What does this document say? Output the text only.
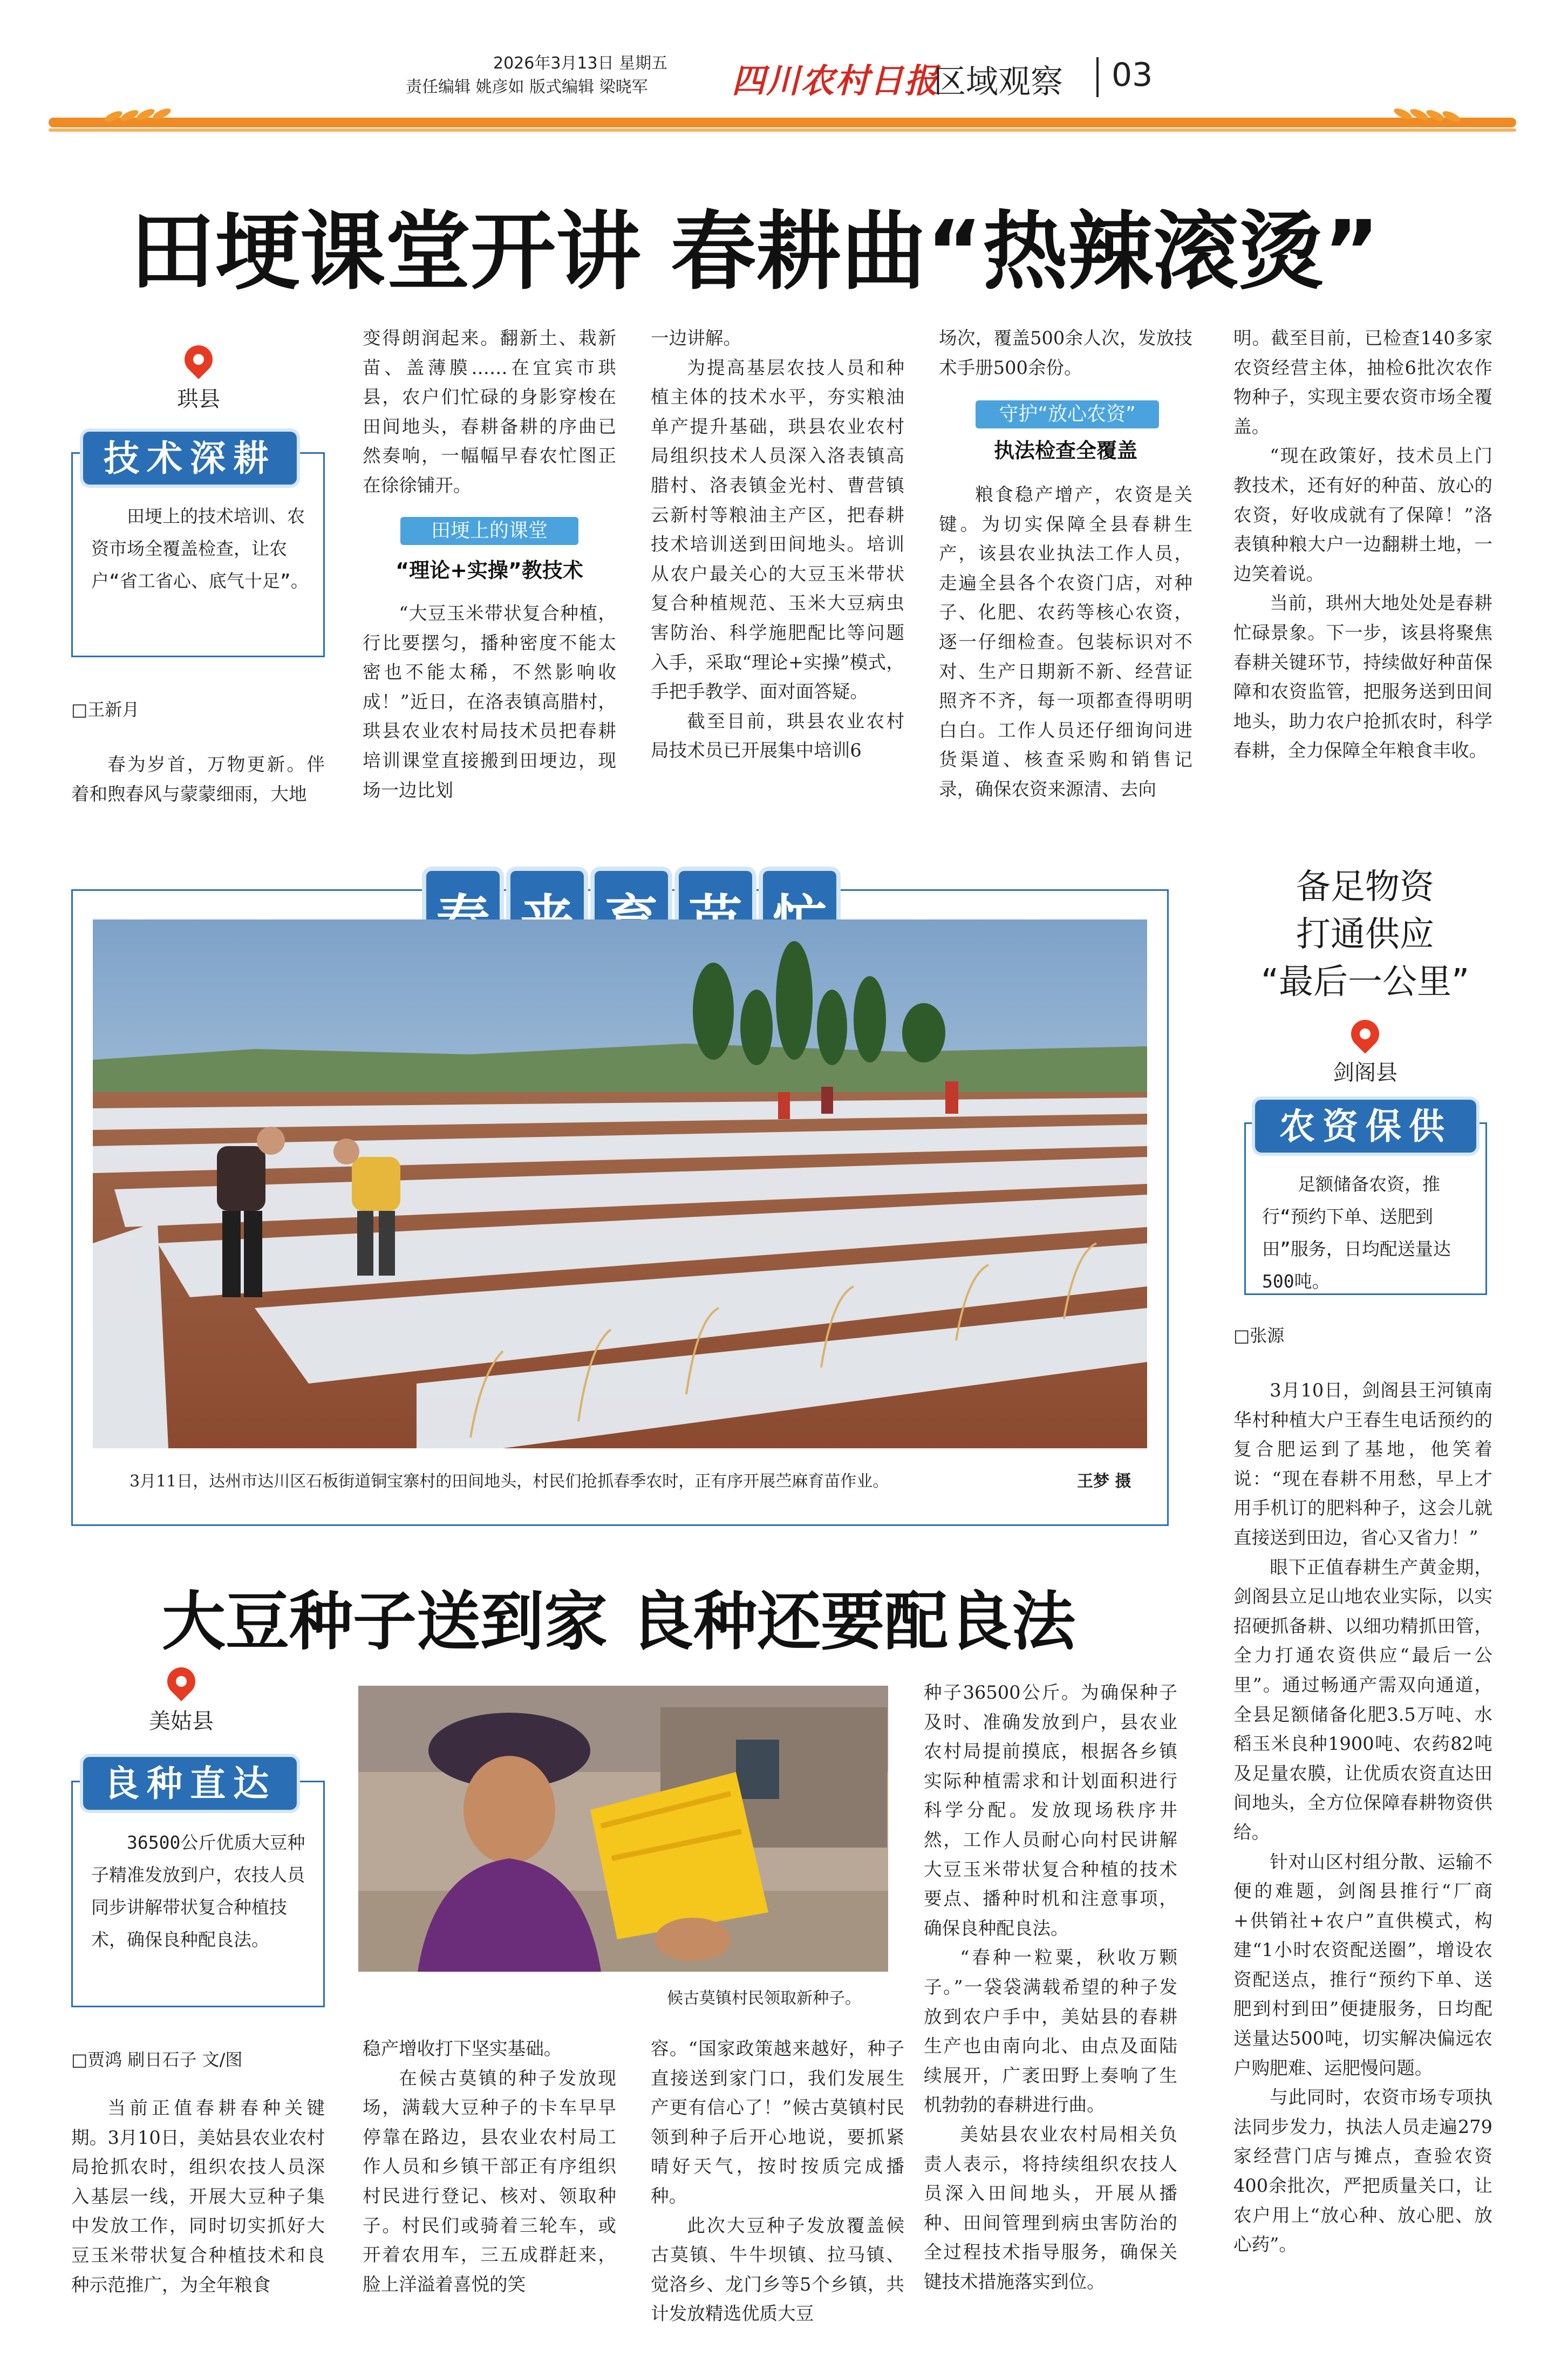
2026年3月13日 星期五
责任编辑 姚彦如 版式编辑 梁晓军	四川农村日报
区域观察 03
田埂课堂开讲 春耕曲“热辣滚烫”
珙县
田埂上的技术培训、农资市场全覆盖检查，让农户“省工省心、底气十足”。
技术深耕
□王新月

春为岁首，万物更新。伴着和煦春风与蒙蒙细雨，大地

变得朗润起来。翻新土、栽新苗、盖薄膜……在宜宾市珙县，农户们忙碌的身影穿梭在田间地头，春耕备耕的序曲已然奏响，一幅幅早春农忙图正在徐徐铺开。

田埂上的课堂
“理论+实操”教技术

“大豆玉米带状复合种植，行比要摆匀，播种密度不能太密也不能太稀，不然影响收成！”近日，在洛表镇高腊村，珙县农业农村局技术员把春耕培训课堂直接搬到田埂边，现场一边比划

一边讲解。

为提高基层农技人员和种植主体的技术水平，夯实粮油单产提升基础，珙县农业农村局组织技术人员深入洛表镇高腊村、洛表镇金光村、曹营镇云新村等粮油主产区，把春耕技术培训送到田间地头。培训从农户最关心的大豆玉米带状复合种植规范、玉米大豆病虫害防治、科学施肥配比等问题入手，采取“理论+实操”模式，手把手教学、面对面答疑。

截至目前，珙县农业农村局技术员已开展集中培训6

场次，覆盖500余人次，发放技术手册500余份。

守护“放心农资”
执法检查全覆盖

粮食稳产增产，农资是关键。为切实保障全县春耕生产，该县农业执法工作人员，走遍全县各个农资门店，对种子、化肥、农药等核心农资，逐一仔细检查。包装标识对不对、生产日期新不新、经营证照齐不齐，每一项都查得明明白白。工作人员还仔细询问进货渠道、核查采购和销售记录，确保农资来源清、去向

明。截至目前，已检查140多家农资经营主体，抽检6批次农作物种子，实现主要农资市场全覆盖。

“现在政策好，技术员上门教技术，还有好的种苗、放心的农资，好收成就有了保障！”洛表镇种粮大户一边翻耕土地，一边笑着说。

当前，珙州大地处处是春耕忙碌景象。下一步，该县将聚焦春耕关键环节，持续做好种苗保障和农资监管，把服务送到田间地头，助力农户抢抓农时，科学春耕，全力保障全年粮食丰收。

3月11日，达州市达川区石板街道铜宝寨村的田间地头，村民们抢抓春季农时，正有序开展苎麻育苗作业。	王梦 摄
备足物资
打通供应
“最后一公里”
剑阁县
足额储备农资，推行“预约下单、送肥到田”服务，日均配送量达500吨。
农资保供
□张源

3月10日，剑阁县王河镇南华村种植大户王春生电话预约的复合肥运到了基地，他笑着说：“现在春耕不用愁，早上才用手机订的肥料种子，这会儿就直接送到田边，省心又省力！”

眼下正值春耕生产黄金期，剑阁县立足山地农业实际，以实招硬抓备耕、以细功精抓田管，全力打通农资供应“最后一公里”。通过畅通产需双向通道，全县足额储备化肥3.5万吨、水稻玉米良种1900吨、农药82吨及足量农膜，让优质农资直达田间地头，全方位保障春耕物资供给。

针对山区村组分散、运输不便的难题，剑阁县推行“厂商+供销社+农户”直供模式，构建“1小时农资配送圈”，增设农资配送点，推行“预约下单、送肥到村到田”便捷服务，日均配送量达500吨，切实解决偏远农户购肥难、运肥慢问题。

与此同时，农资市场专项执法同步发力，执法人员走遍279家经营门店与摊点，查验农资400余批次，严把质量关口，让农户用上“放心种、放心肥、放心药”。

大豆种子送到家 良种还要配良法
美姑县
36500公斤优质大豆种子精准发放到户，农技人员同步讲解带状复合种植技术，确保良种配良法。
良种直达
□贾鸿 刷日石子 文/图

当前正值春耕春种关键期。3月10日，美姑县农业农村局抢抓农时，组织农技人员深入基层一线，开展大豆种子集中发放工作，同时切实抓好大豆玉米带状复合种植技术和良种示范推广，为全年粮食

候古莫镇村民领取新种子。

稳产增收打下坚实基础。

在候古莫镇的种子发放现场，满载大豆种子的卡车早早停靠在路边，县农业农村局工作人员和乡镇干部正有序组织村民进行登记、核对、领取种子。村民们或骑着三轮车，或开着农用车，三五成群赶来，脸上洋溢着喜悦的笑

容。“国家政策越来越好，种子直接送到家门口，我们发展生产更有信心了！”候古莫镇村民领到种子后开心地说，要抓紧晴好天气，按时按质完成播种。

此次大豆种子发放覆盖候古莫镇、牛牛坝镇、拉马镇、觉洛乡、龙门乡等5个乡镇，共计发放精选优质大豆

种子36500公斤。为确保种子及时、准确发放到户，县农业农村局提前摸底，根据各乡镇实际种植需求和计划面积进行科学分配。发放现场秩序井然，工作人员耐心向村民讲解大豆玉米带状复合种植的技术要点、播种时机和注意事项，确保良种配良法。

“春种一粒粟，秋收万颗子。”一袋袋满载希望的种子发放到农户手中，美姑县的春耕生产也由南向北、由点及面陆续展开，广袤田野上奏响了生机勃勃的春耕进行曲。

美姑县农业农村局相关负责人表示，将持续组织农技人员深入田间地头，开展从播种、田间管理到病虫害防治的全过程技术指导服务，确保关键技术措施落实到位。
